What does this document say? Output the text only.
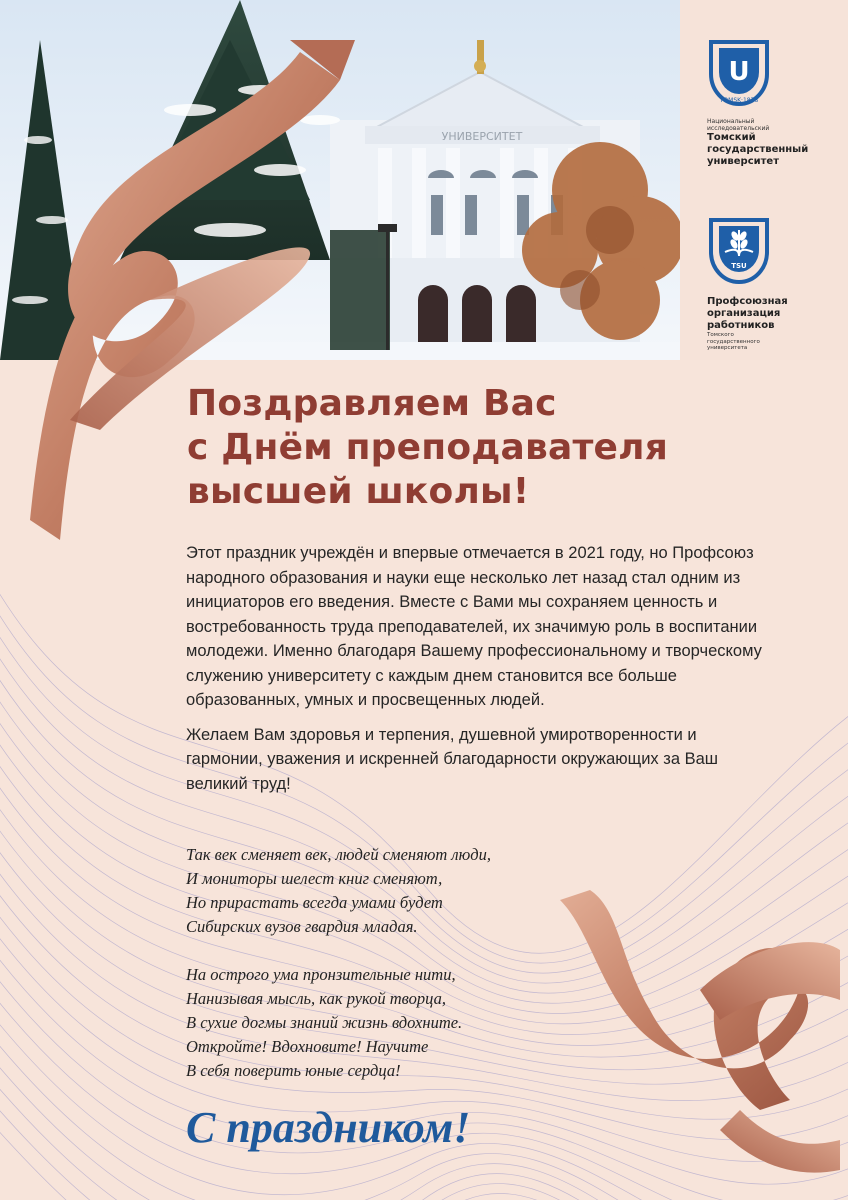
УНИВЕРСИТЕТ
U
TOMSK·1878
Национальный
исследовательский
Томский
государственный
университет
TSU
Профсоюзная
организация
работников
Томского
государственного
университета
Поздравляем Вас
с Днём преподавателя
высшей школы!

Этот праздник учреждён и впервые отмечается в 2021 году, но Профсоюз народного образования и науки еще несколько лет назад стал одним из инициаторов его введения. Вместе с Вами мы сохраняем ценность и востребованность труда преподавателей, их значимую роль в воспитании молодежи. Именно благодаря Вашему профессиональному и творческому служению университету с каждым днем становится все больше образованных, умных и просвещенных людей.

Желаем Вам здоровья и терпения, душевной умиротворенности и гармонии, уважения и искренней благодарности окружающих за Ваш великий труд!

Так век сменяет век, людей сменяют люди,
И мониторы шелест книг сменяют,
Но прирастать всегда умами будет
Сибирских вузов гвардия младая.
На острого ума пронзительные нити,
Нанизывая мысль, как рукой творца,
В сухие догмы знаний жизнь вдохните.
Откройте! Вдохновите! Научите
В себя поверить юные сердца!

С праздником!
